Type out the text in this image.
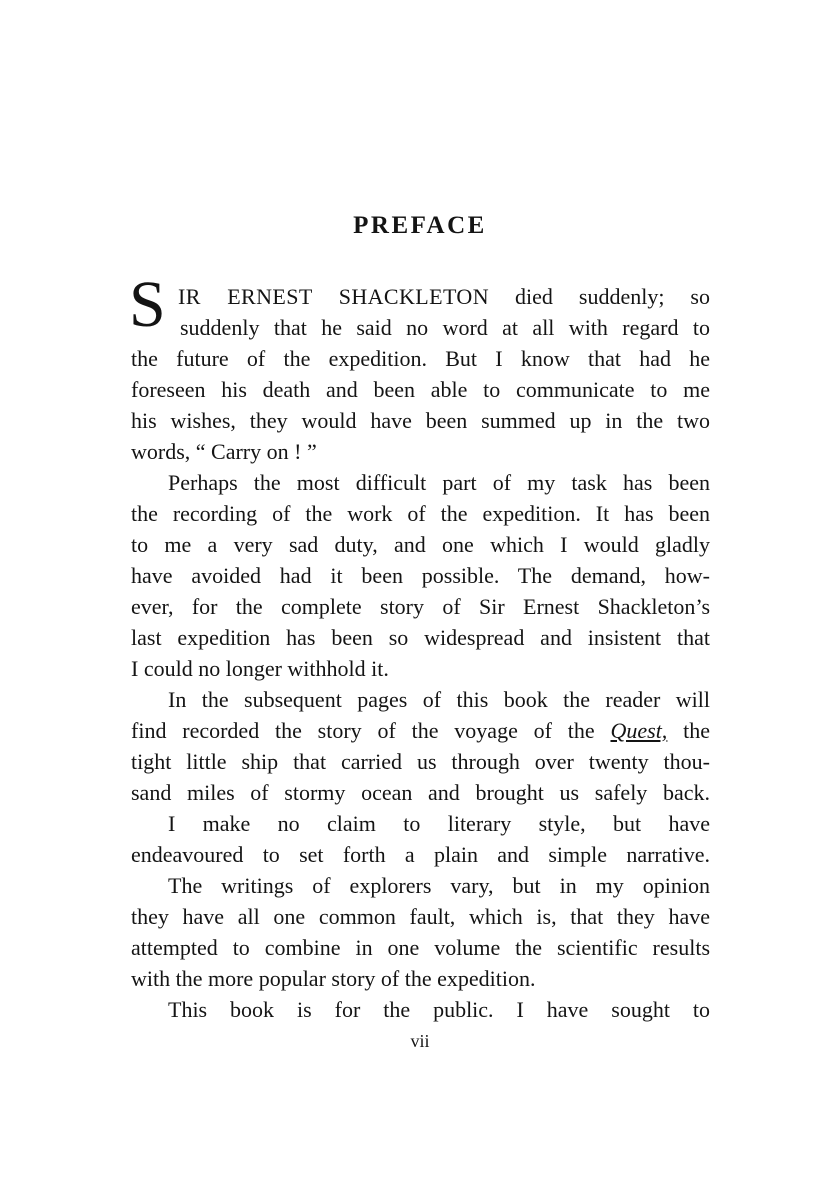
PREFACE
S IR ERNEST SHACKLETON died suddenly; so
suddenly that he said no word at all with regard to
the future of the expedition. But I know that had he
foreseen his death and been able to communicate to me
his wishes, they would have been summed up in the two
words, “ Carry on ! ”
Perhaps the most difficult part of my task has been
the recording of the work of the expedition. It has been
to me a very sad duty, and one which I would gladly
have avoided had it been possible. The demand, how-
ever, for the complete story of Sir Ernest Shackleton’s
last expedition has been so widespread and insistent that
I could no longer withhold it.
In the subsequent pages of this book the reader will
find recorded the story of the voyage of the Quest, the
tight little ship that carried us through over twenty thou-
sand miles of stormy ocean and brought us safely back.
I make no claim to literary style, but have
endeavoured to set forth a plain and simple narrative.
The writings of explorers vary, but in my opinion
they have all one common fault, which is, that they have
attempted to combine in one volume the scientific results
with the more popular story of the expedition.
This book is for the public. I have sought to
vii
